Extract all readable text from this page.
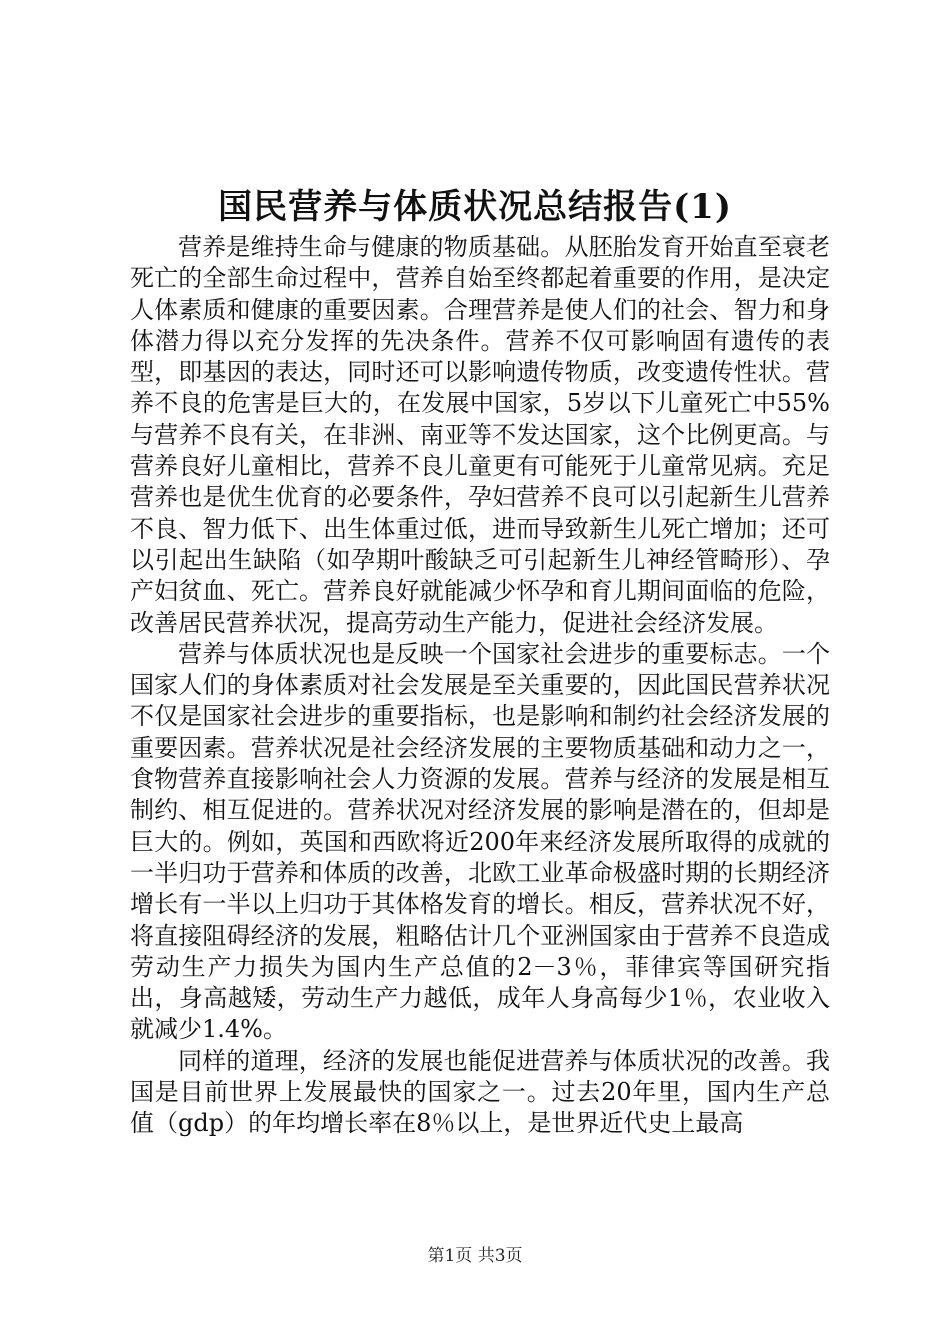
国民营养与体质状况总结报告(1)

营养是维持生命与健康的物质基础。从胚胎发育开始直至衰老死亡的全部生命过程中，营养自始至终都起着重要的作用，是决定人体素质和健康的重要因素。合理营养是使人们的社会、智力和身体潜力得以充分发挥的先决条件。营养不仅可影响固有遗传的表型，即基因的表达，同时还可以影响遗传物质，改变遗传性状。营养不良的危害是巨大的，在发展中国家，5岁以下儿童死亡中55%与营养不良有关，在非洲、南亚等不发达国家，这个比例更高。与营养良好儿童相比，营养不良儿童更有可能死于儿童常见病。充足营养也是优生优育的必要条件，孕妇营养不良可以引起新生儿营养不良、智力低下、出生体重过低，进而导致新生儿死亡增加；还可以引起出生缺陷（如孕期叶酸缺乏可引起新生儿神经管畸形）、孕产妇贫血、死亡。营养良好就能减少怀孕和育儿期间面临的危险，改善居民营养状况，提高劳动生产能力，促进社会经济发展。

营养与体质状况也是反映一个国家社会进步的重要标志。一个国家人们的身体素质对社会发展是至关重要的，因此国民营养状况不仅是国家社会进步的重要指标，也是影响和制约社会经济发展的重要因素。营养状况是社会经济发展的主要物质基础和动力之一，食物营养直接影响社会人力资源的发展。营养与经济的发展是相互制约、相互促进的。营养状况对经济发展的影响是潜在的，但却是巨大的。例如，英国和西欧将近200年来经济发展所取得的成就的一半归功于营养和体质的改善，北欧工业革命极盛时期的长期经济增长有一半以上归功于其体格发育的增长。相反，营养状况不好，将直接阻碍经济的发展，粗略估计几个亚洲国家由于营养不良造成劳动生产力损失为国内生产总值的2－3％，菲律宾等国研究指出，身高越矮，劳动生产力越低，成年人身高每少1％，农业收入就减少1.4%。

同样的道理，经济的发展也能促进营养与体质状况的改善。我国是目前世界上发展最快的国家之一。过去20年里，国内生产总值（gdp）的年均增长率在8％以上，是世界近代史上最高

第1页 共3页
